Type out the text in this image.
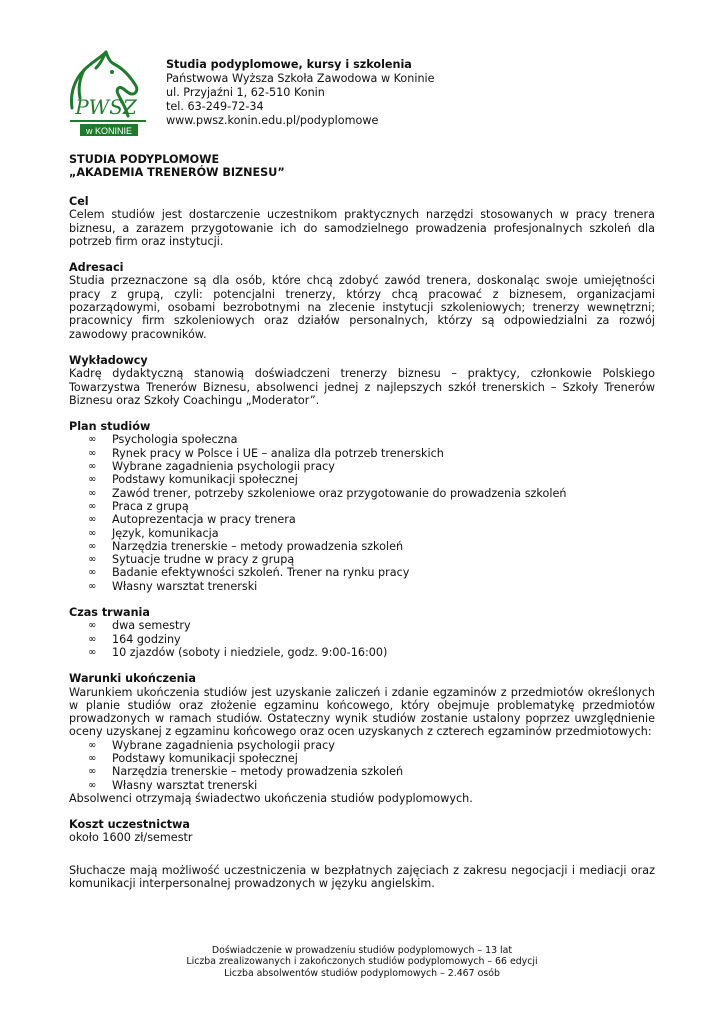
PWSZ
w KONINIE
Studia podyplomowe, kursy i szkolenia
Państwowa Wyższa Szkoła Zawodowa w Koninie
ul. Przyjaźni 1, 62-510 Konin
tel. 63-249-72-34
www.pwsz.konin.edu.pl/podyplomowe
STUDIA PODYPLOMOWE
„AKADEMIA TRENERÓW BIZNESU”
Cel
Celem studiów jest dostarczenie uczestnikom praktycznych narzędzi stosowanych w pracy trenera biznesu, a zarazem przygotowanie ich do samodzielnego prowadzenia profesjonalnych szkoleń dla potrzeb firm oraz instytucji.
Adresaci
Studia przeznaczone są dla osób, które chcą zdobyć zawód trenera, doskonaląc swoje umiejętności pracy z grupą, czyli: potencjalni trenerzy, którzy chcą pracować z biznesem, organizacjami pozarządowymi, osobami bezrobotnymi na zlecenie instytucji szkoleniowych; trenerzy wewnętrzni; pracownicy firm szkoleniowych oraz działów personalnych, którzy są odpowiedzialni za rozwój zawodowy pracowników.
Wykładowcy
Kadrę dydaktyczną stanowią doświadczeni trenerzy biznesu – praktycy, członkowie Polskiego Towarzystwa Trenerów Biznesu, absolwenci jednej z najlepszych szkół trenerskich – Szkoły Trenerów Biznesu oraz Szkoły Coachingu „Moderator”.
Plan studiów
∞ Psychologia społeczna
∞ Rynek pracy w Polsce i UE – analiza dla potrzeb trenerskich
∞ Wybrane zagadnienia psychologii pracy
∞ Podstawy komunikacji społecznej
∞ Zawód trener, potrzeby szkoleniowe oraz przygotowanie do prowadzenia szkoleń
∞ Praca z grupą
∞ Autoprezentacja w pracy trenera
∞ Język, komunikacja
∞ Narzędzia trenerskie – metody prowadzenia szkoleń
∞ Sytuacje trudne w pracy z grupą
∞ Badanie efektywności szkoleń. Trener na rynku pracy
∞ Własny warsztat trenerski
Czas trwania
∞ dwa semestry
∞ 164 godziny
∞ 10 zjazdów (soboty i niedziele, godz. 9:00-16:00)
Warunki ukończenia
Warunkiem ukończenia studiów jest uzyskanie zaliczeń i zdanie egzaminów z przedmiotów określonych w planie studiów oraz złożenie egzaminu końcowego, który obejmuje problematykę przedmiotów prowadzonych w ramach studiów. Ostateczny wynik studiów zostanie ustalony poprzez uwzględnienie oceny uzyskanej z egzaminu końcowego oraz ocen uzyskanych z czterech egzaminów przedmiotowych:
∞ Wybrane zagadnienia psychologii pracy
∞ Podstawy komunikacji społecznej
∞ Narzędzia trenerskie – metody prowadzenia szkoleń
∞ Własny warsztat trenerski
Absolwenci otrzymają świadectwo ukończenia studiów podyplomowych.
Koszt uczestnictwa
około 1600 zł/semestr
Słuchacze mają możliwość uczestniczenia w bezpłatnych zajęciach z zakresu negocjacji i mediacji oraz komunikacji interpersonalnej prowadzonych w języku angielskim.
Doświadczenie w prowadzeniu studiów podyplomowych – 13 lat
Liczba zrealizowanych i zakończonych studiów podyplomowych – 66 edycji
Liczba absolwentów studiów podyplomowych – 2.467 osób
